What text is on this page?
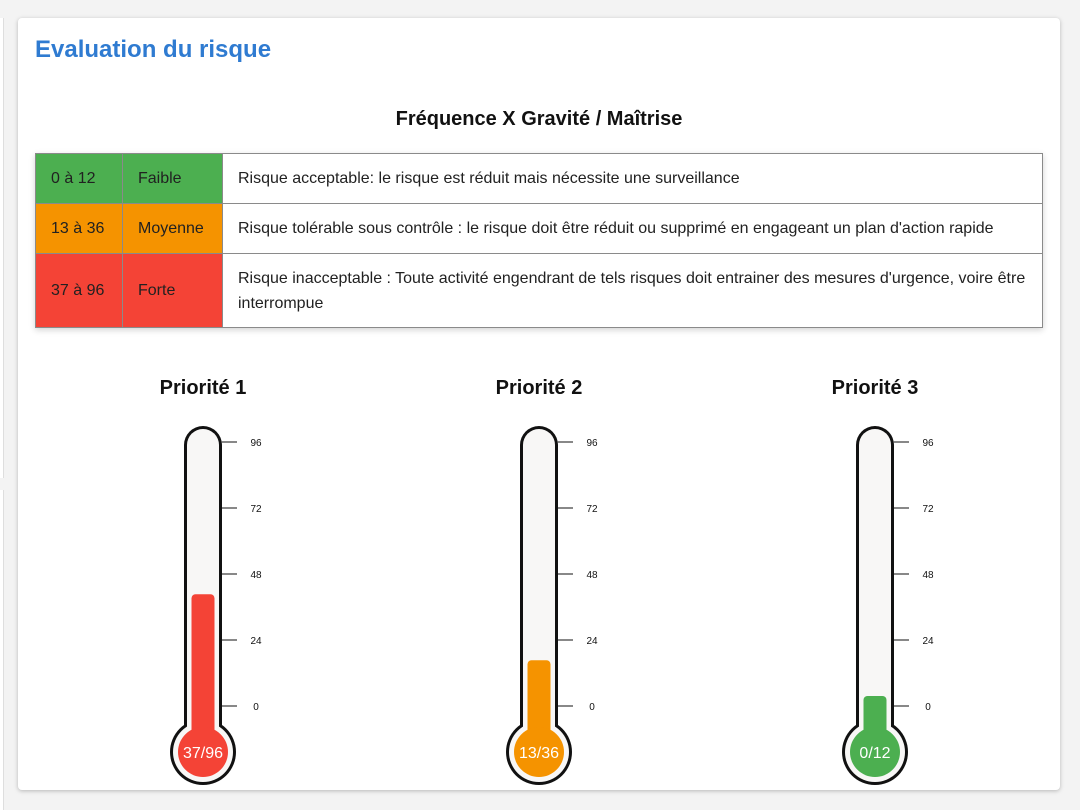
Evaluation du risque
Fréquence X Gravité / Maîtrise
0 à 12	Faible	Risque acceptable: le risque est réduit mais nécessite une surveillance
13 à 36	Moyenne	Risque tolérable sous contrôle : le risque doit être réduit ou supprimé en engageant un plan d'action rapide
37 à 96	Forte	Risque inacceptable : Toute activité engendrant de tels risques doit entrainer des mesures d'urgence, voire être interrompue
Priorité 1
37/96
96
72
48
24
0
Priorité 2
13/36
96
72
48
24
0
Priorité 3
0/12
96
72
48
24
0
